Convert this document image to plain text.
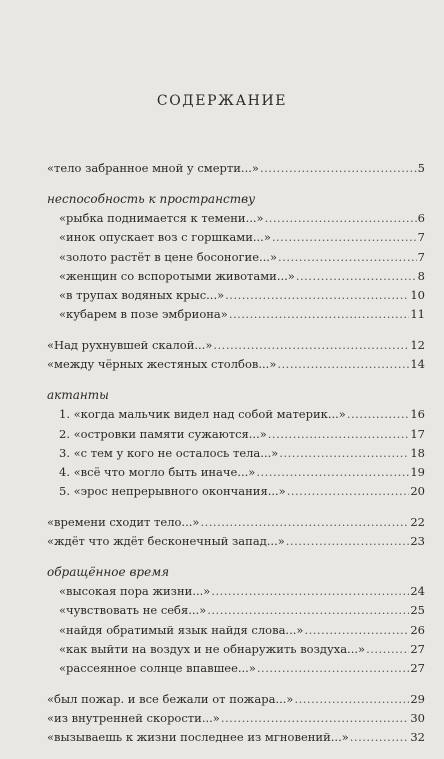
СОДЕРЖАНИЕ
«тело забранное мной у смерти...» .....	5
неспособность к пространству
«рыбка поднимается к темени...» .....	6
«инок опускает воз с горшками...» .....	7
«золото растёт в цене босоногие...» .....	7
«женщин со вспоротыми животами...» .....	8
«в трупах водяных крыс...» .....	10
«кубарем в позе эмбриона» .....	11
«Над рухнувшей скалой...» .....	12
«между чёрных жестяных столбов...» .....	14
актанты
1. «когда мальчик видел над собой материк...» .....	16
2. «островки памяти сужаются...» .....	17
3. «с тем у кого не осталось тела...» .....	18
4. «всё что могло быть иначе...» .....	19
5. «эрос непрерывного окончания...» .....	20
«времени сходит тело...» .....	22
«ждёт что ждёт бесконечный запад...» .....	23
обращённое время
«высокая пора жизни...» .....	24
«чувствовать не себя...» .....	25
«найдя обратимый язык найдя слова...» .....	26
«как выйти на воздух и не обнаружить воздуха...» .....	27
«рассеянное солнце впавшее...» .....	27
«был пожар. и все бежали от пожара...» .....	29
«из внутренней скорости...» .....	30
«вызываешь к жизни последнее из мгновений...» .....	32
